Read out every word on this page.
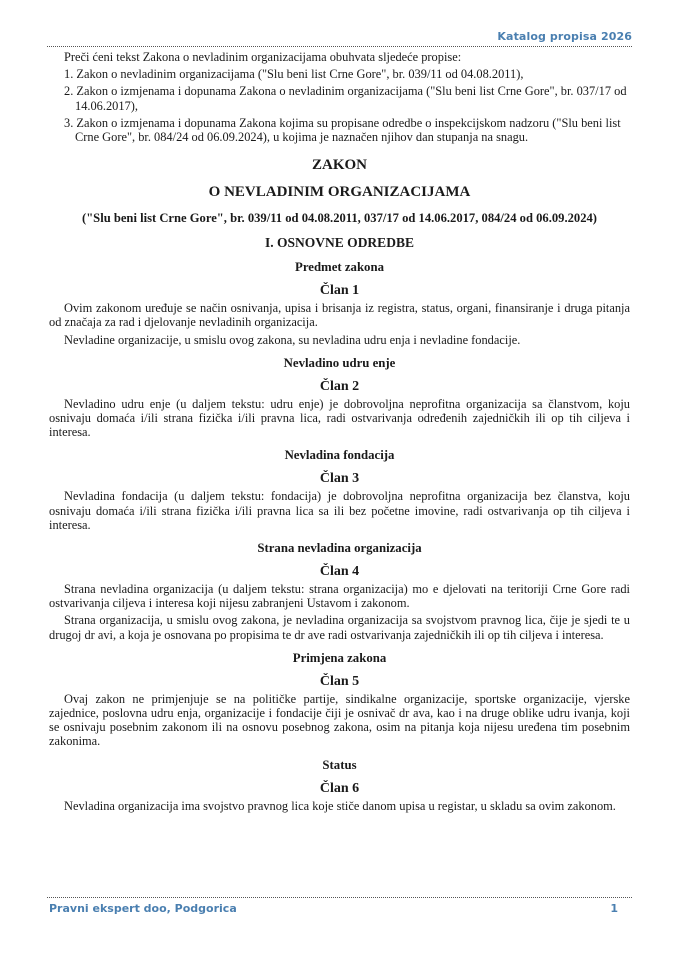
Katalog propisa 2026

Preči ćeni tekst Zakona o nevladinim organizacijama obuhvata sljedeće propise:

1. Zakon o nevladinim organizacijama ("Slu beni list Crne Gore", br. 039/11 od 04.08.2011),
2. Zakon o izmjenama i dopunama Zakona o nevladinim organizacijama ("Slu beni list Crne Gore", br. 037/17 od 14.06.2017),
3. Zakon o izmjenama i dopunama Zakona kojima su propisane odredbe o inspekcijskom nadzoru ("Slu beni list Crne Gore", br. 084/24 od 06.09.2024), u kojima je naznačen njihov dan stupanja na snagu.
ZAKON
O NEVLADINIM ORGANIZACIJAMA
("Slu beni list Crne Gore", br. 039/11 od 04.08.2011, 037/17 od 14.06.2017, 084/24 od 06.09.2024)
I. OSNOVNE ODREDBE
Predmet zakona
Član 1

Ovim zakonom uređuje se način osnivanja, upisa i brisanja iz registra, status, organi, finansiranje i druga pitanja od značaja za rad i djelovanje nevladinih organizacija.

Nevladine organizacije, u smislu ovog zakona, su nevladina udru enja i nevladine fondacije.

Nevladino udru enje
Član 2

Nevladino udru enje (u daljem tekstu: udru enje) je dobrovoljna neprofitna organizacija sa članstvom, koju osnivaju domaća i/ili strana fizička i/ili pravna lica, radi ostvarivanja određenih zajedničkih ili op tih ciljeva i interesa.

Nevladina fondacija
Član 3

Nevladina fondacija (u daljem tekstu: fondacija) je dobrovoljna neprofitna organizacija bez članstva, koju osnivaju domaća i/ili strana fizička i/ili pravna lica sa ili bez početne imovine, radi ostvarivanja op tih ciljeva i interesa.

Strana nevladina organizacija
Član 4

Strana nevladina organizacija (u daljem tekstu: strana organizacija) mo e djelovati na teritoriji Crne Gore radi ostvarivanja ciljeva i interesa koji nijesu zabranjeni Ustavom i zakonom.

Strana organizacija, u smislu ovog zakona, je nevladina organizacija sa svojstvom pravnog lica, čije je sjedi te u drugoj dr avi, a koja je osnovana po propisima te dr ave radi ostvarivanja zajedničkih ili op tih ciljeva i interesa.

Primjena zakona
Član 5

Ovaj zakon ne primjenjuje se na političke partije, sindikalne organizacije, sportske organizacije, vjerske zajednice, poslovna udru enja, organizacije i fondacije čiji je osnivač dr ava, kao i na druge oblike udru ivanja, koji se osnivaju posebnim zakonom ili na osnovu posebnog zakona, osim na pitanja koja nijesu uređena tim posebnim zakonima.

Status
Član 6

Nevladina organizacija ima svojstvo pravnog lica koje stiče danom upisa u registar, u skladu sa ovim zakonom.

Pravni ekspert doo, Podgorica	1
